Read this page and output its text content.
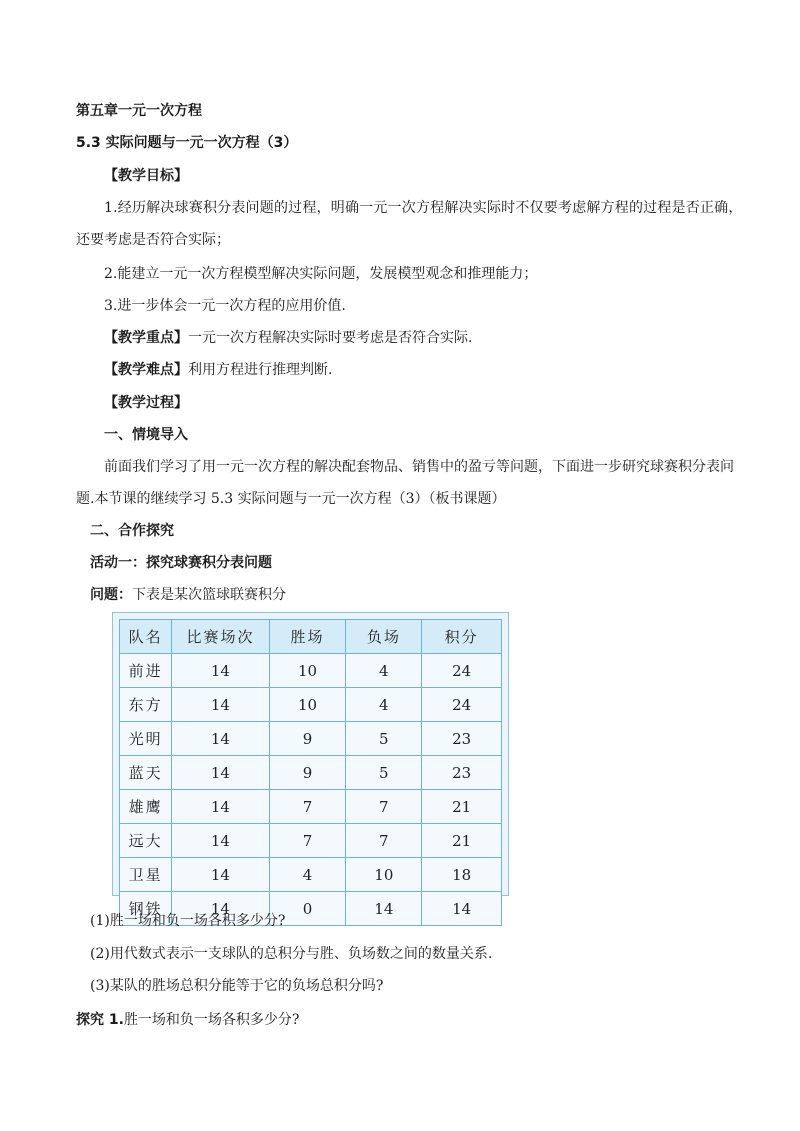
第五章一元一次方程
5.3 实际问题与一元一次方程（3）
【教学目标】
1.经历解决球赛积分表问题的过程，明确一元一次方程解决实际时不仅要考虑解方程的过程是否正确，
还要考虑是否符合实际；
2.能建立一元一次方程模型解决实际问题，发展模型观念和推理能力；
3.进一步体会一元一次方程的应用价值.
【教学重点】一元一次方程解决实际时要考虑是否符合实际.
【教学难点】利用方程进行推理判断.
【教学过程】
一、情境导入
前面我们学习了用一元一次方程的解决配套物品、销售中的盈亏等问题，下面进一步研究球赛积分表问
题.本节课的继续学习 5.3 实际问题与一元一次方程（3）（板书课题）
二、合作探究
活动一：探究球赛积分表问题
问题：下表是某次篮球联赛积分
队名	比赛场次	胜场	负场	积分
前进	14	10	4	24
东方	14	10	4	24
光明	14	9	5	23
蓝天	14	9	5	23
雄鹰	14	7	7	21
远大	14	7	7	21
卫星	14	4	10	18
钢铁	14	0	14	14
(1)胜一场和负一场各积多少分?
(2)用代数式表示一支球队的总积分与胜、负场数之间的数量关系.
(3)某队的胜场总积分能等于它的负场总积分吗?
探究 1.胜一场和负一场各积多少分?
